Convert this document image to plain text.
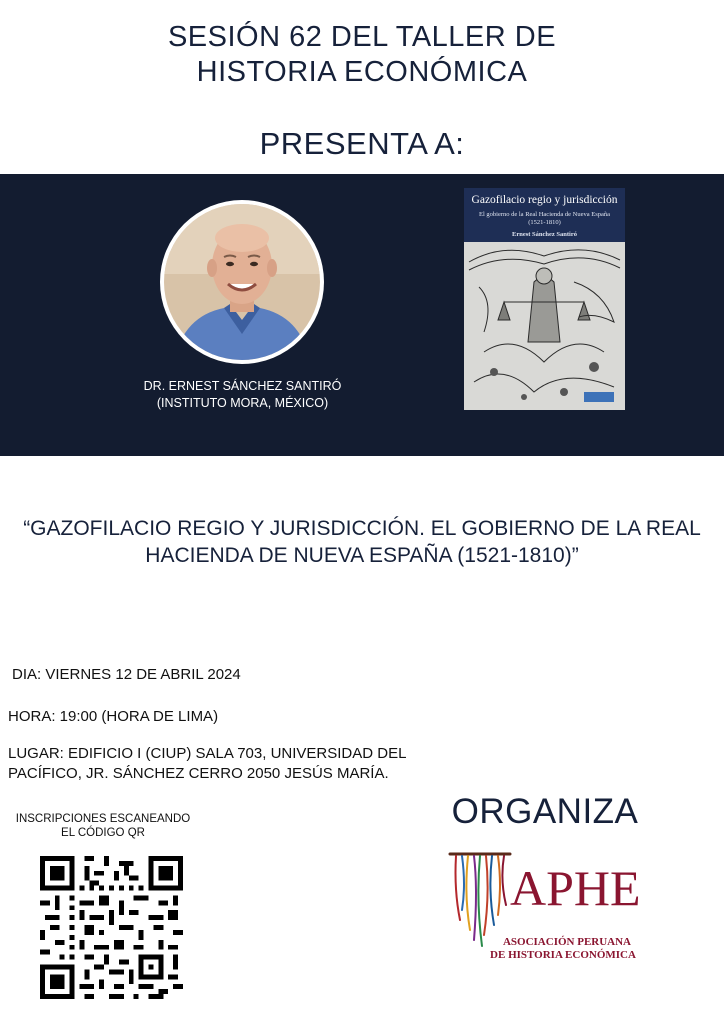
SESIÓN 62 DEL TALLER DE
HISTORIA ECONÓMICA
PRESENTA A:
DR. ERNEST SÁNCHEZ SANTIRÓ
(INSTITUTO MORA, MÉXICO)
Gazofilacio regio y jurisdicción
El gobierno de la Real Hacienda de Nueva España
(1521-1810)
Ernest Sánchez Santiró
“GAZOFILACIO REGIO Y JURISDICCIÓN. EL GOBIERNO DE LA REAL
HACIENDA DE NUEVA ESPAÑA (1521-1810)”
DIA: VIERNES 12 DE ABRIL 2024
HORA: 19:00 (HORA DE LIMA)
LUGAR: EDIFICIO I (CIUP) SALA 703, UNIVERSIDAD DEL
PACÍFICO, JR. SÁNCHEZ CERRO 2050 JESÚS MARÍA.
INSCRIPCIONES ESCANEANDO
EL CÓDIGO QR
ORGANIZA
APHE
ASOCIACIÓN PERUANA
DE HISTORIA ECONÓMICA
